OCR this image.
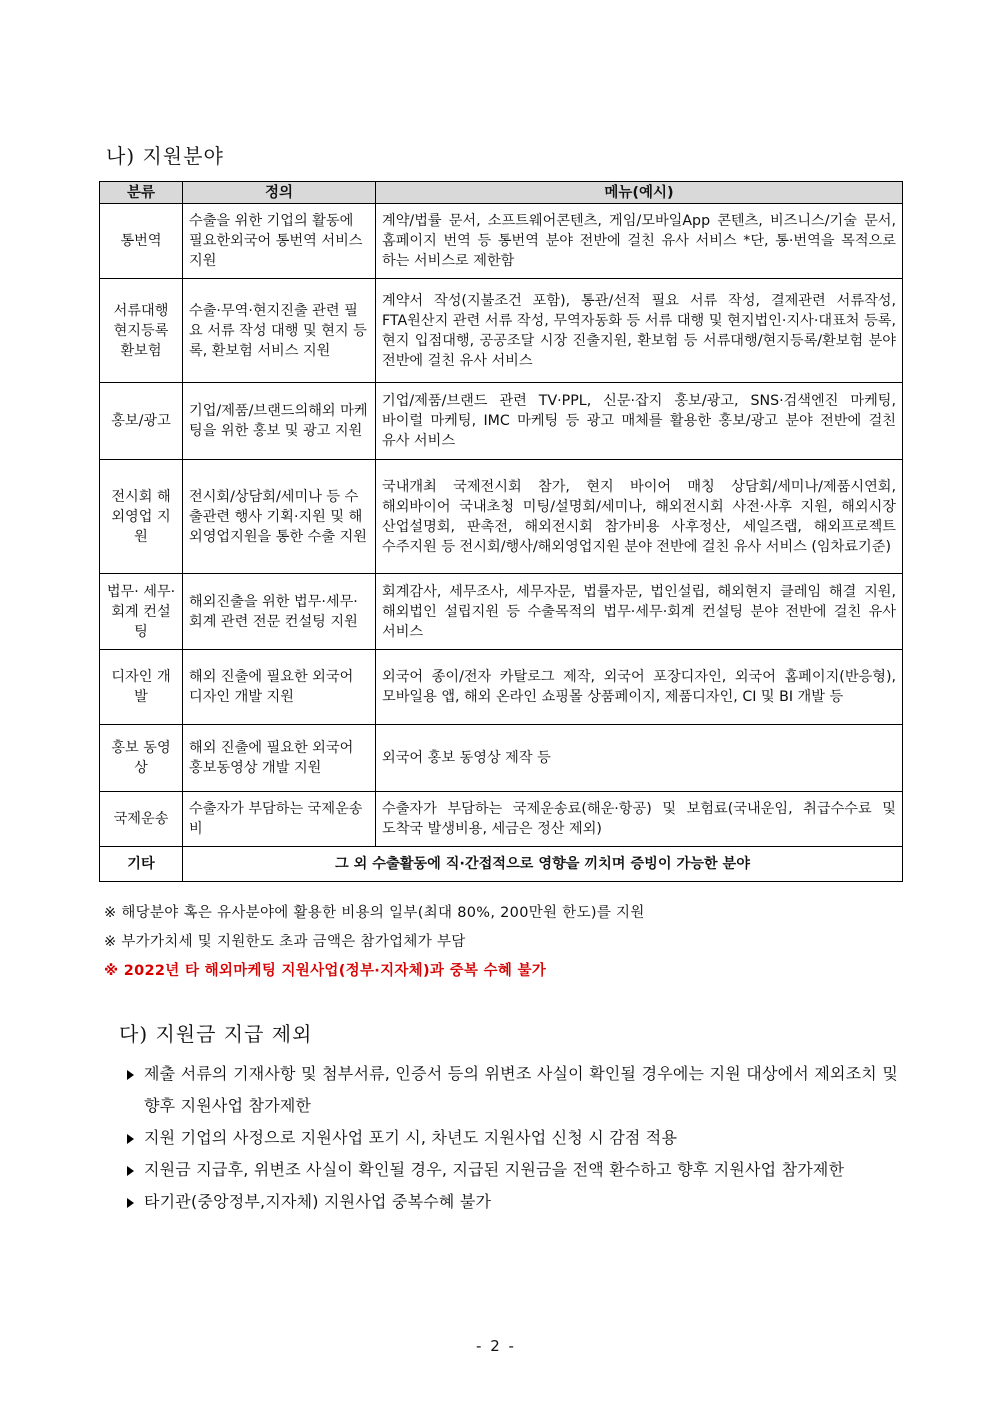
나) 지원분야
분류	정의	메뉴(예시)
통번역	수출을 위한 기업의 활동에 필요한외국어 통번역 서비스 지원	계약/법률 문서, 소프트웨어콘텐츠, 게임/모바일App 콘텐츠, 비즈니스/기술 문서, 홈페이지 번역 등 통번역 분야 전반에 걸친 유사 서비스 *단, 통·번역을 목적으로 하는 서비스로 제한함
서류대행 현지등록 환보험	수출·무역·현지진출 관련 필요 서류 작성 대행 및 현지 등록, 환보험 서비스 지원	계약서 작성(지불조건 포함), 통관/선적 필요 서류 작성, 결제관련 서류작성, FTA원산지 관련 서류 작성, 무역자동화 등 서류 대행 및 현지법인·지사·대표처 등록, 현지 입점대행, 공공조달 시장 진출지원, 환보험 등 서류대행/현지등록/환보험 분야 전반에 걸친 유사 서비스
홍보/광고	기업/제품/브랜드의해외 마케팅을 위한 홍보 및 광고 지원	기업/제품/브랜드 관련 TV·PPL, 신문·잡지 홍보/광고, SNS·검색엔진 마케팅, 바이럴 마케팅, IMC 마케팅 등 광고 매체를 활용한 홍보/광고 분야 전반에 걸친 유사 서비스
전시회 해외영업 지원	전시회/상담회/세미나 등 수출관련 행사 기획·지원 및 해외영업지원을 통한 수출 지원	국내개최 국제전시회 참가, 현지 바이어 매칭 상담회/세미나/제품시연회, 해외바이어 국내초청 미팅/설명회/세미나, 해외전시회 사전·사후 지원, 해외시장 산업설명회, 판촉전, 해외전시회 참가비용 사후정산, 세일즈랩, 해외프로젝트 수주지원 등 전시회/행사/해외영업지원 분야 전반에 걸친 유사 서비스 (임차료기준)
법무· 세무·회계 컨설팅	해외진출을 위한 법무·세무·회계 관련 전문 컨설팅 지원	회계감사, 세무조사, 세무자문, 법률자문, 법인설립, 해외현지 클레임 해결 지원, 해외법인 설립지원 등 수출목적의 법무·세무·회계 컨설팅 분야 전반에 걸친 유사 서비스
디자인 개발	해외 진출에 필요한 외국어 디자인 개발 지원	외국어 종이/전자 카탈로그 제작, 외국어 포장디자인, 외국어 홈페이지(반응형), 모바일용 앱, 해외 온라인 쇼핑몰 상품페이지, 제품디자인, CI 및 BI 개발 등
홍보 동영상	해외 진출에 필요한 외국어 홍보동영상 개발 지원	외국어 홍보 동영상 제작 등
국제운송	수출자가 부담하는 국제운송비	수출자가 부담하는 국제운송료(해운·항공) 및 보험료(국내운임, 취급수수료 및 도착국 발생비용, 세금은 정산 제외)
기타	그 외 수출활동에 직·간접적으로 영향을 끼치며 증빙이 가능한 분야	
※ 해당분야 혹은 유사분야에 활용한 비용의 일부(최대 80%, 200만원 한도)를 지원
※ 부가가치세 및 지원한도 초과 금액은 참가업체가 부담
※ 2022년 타 해외마케팅 지원사업(정부·지자체)과 중복 수혜 불가
다) 지원금 지급 제외
제출 서류의 기재사항 및 첨부서류, 인증서 등의 위변조 사실이 확인될 경우에는 지원 대상에서 제외조치 및 향후 지원사업 참가제한
지원 기업의 사정으로 지원사업 포기 시, 차년도 지원사업 신청 시 감점 적용
지원금 지급후, 위변조 사실이 확인될 경우, 지급된 지원금을 전액 환수하고 향후 지원사업 참가제한
타기관(중앙정부,지자체) 지원사업 중복수혜 불가
- 2 -
